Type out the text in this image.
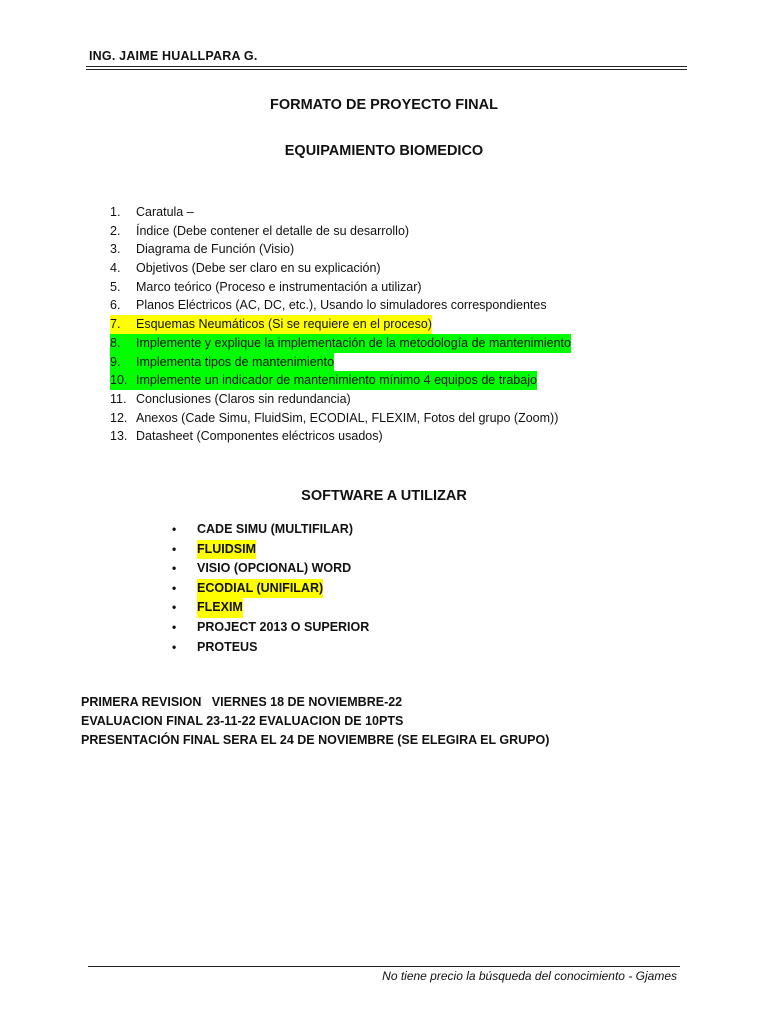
ING. JAIME HUALLPARA G.
FORMATO DE PROYECTO FINAL
EQUIPAMIENTO BIOMEDICO
1.	Caratula –
2.	Índice (Debe contener el detalle de su desarrollo)
3.	Diagrama de Función (Visio)
4.	Objetivos (Debe ser claro en su explicación)
5.	Marco teórico (Proceso e instrumentación a utilizar)
6.	Planos Eléctricos (AC, DC, etc.), Usando lo simuladores correspondientes
7.	Esquemas Neumáticos (Si se requiere en el proceso)
8.	Implemente y explique la implementación de la metodología de mantenimiento
9.	Implementa tipos de mantenimiento
10. Implemente un indicador de mantenimiento mínimo 4 equipos de trabajo
11. Conclusiones (Claros sin redundancia)
12. Anexos (Cade Simu, FluidSim, ECODIAL, FLEXIM, Fotos del grupo (Zoom))
13. Datasheet (Componentes eléctricos usados)
SOFTWARE A UTILIZAR
•	CADE SIMU (MULTIFILAR)
•	FLUIDSIM
•	VISIO (OPCIONAL) WORD
•	ECODIAL (UNIFILAR)
•	FLEXIM
•	PROJECT 2013 O SUPERIOR
•	PROTEUS
PRIMERA REVISION   VIERNES 18 DE NOVIEMBRE-22
EVALUACION FINAL 23-11-22 EVALUACION DE 10PTS
PRESENTACIÓN FINAL SERA EL 24 DE NOVIEMBRE (SE ELEGIRA EL GRUPO)
No tiene precio la búsqueda del conocimiento - Gjames
